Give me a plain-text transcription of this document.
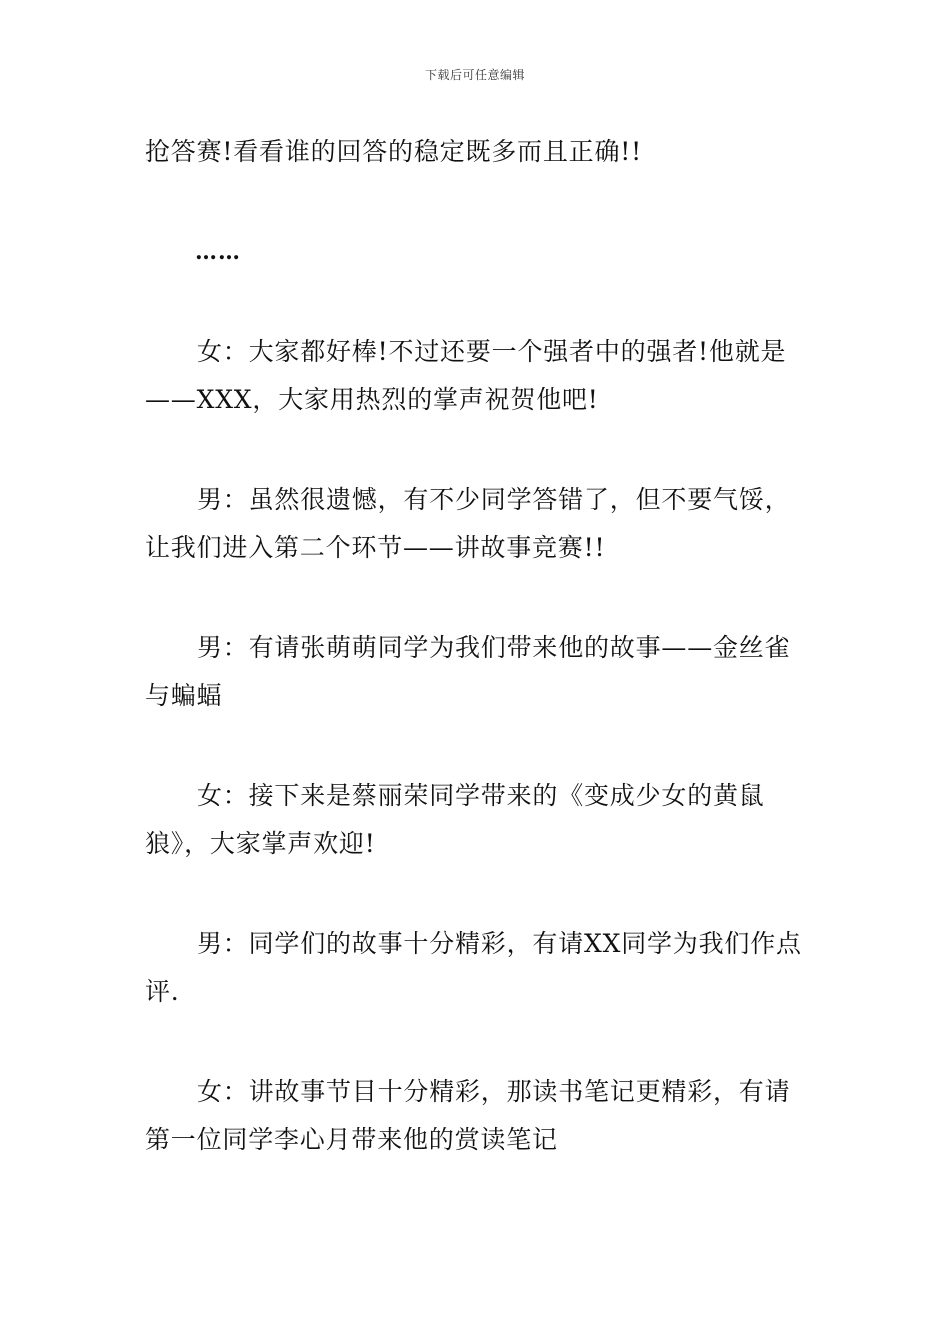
下载后可任意编辑
抢答赛!看看谁的回答的稳定既多而且正确!!
……
女：大家都好棒!不过还要一个强者中的强者!他就是
——XXX，大家用热烈的掌声祝贺他吧!
男：虽然很遗憾，有不少同学答错了，但不要气馁，
让我们进入第二个环节——讲故事竞赛!!
男：有请张萌萌同学为我们带来他的故事——金丝雀
与蝙蝠
女：接下来是蔡丽荣同学带来的《变成少女的黄鼠
狼》，大家掌声欢迎!
男：同学们的故事十分精彩，有请XX同学为我们作点
评.
女：讲故事节目十分精彩，那读书笔记更精彩，有请
第一位同学李心月带来他的赏读笔记
